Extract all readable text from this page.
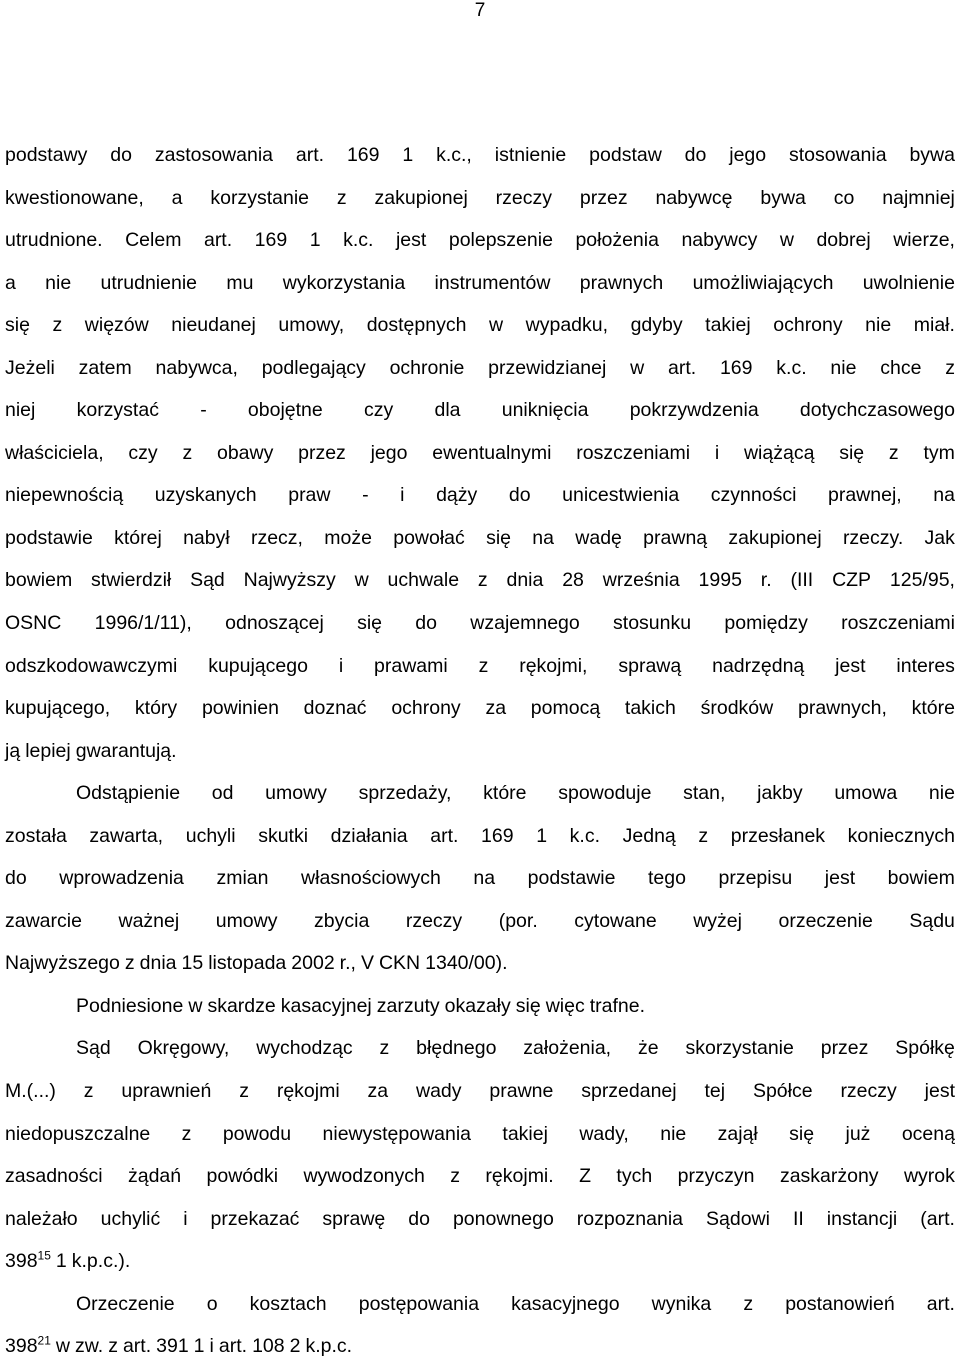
7
podstawy do zastosowania art. 169 1 k.c., istnienie podstaw do jego stosowania bywa
kwestionowane, a korzystanie z zakupionej rzeczy przez nabywcę bywa co najmniej
utrudnione. Celem art. 169 1 k.c. jest polepszenie położenia nabywcy w dobrej wierze,
a nie utrudnienie mu wykorzystania instrumentów prawnych umożliwiających uwolnienie
się z więzów nieudanej umowy, dostępnych w wypadku, gdyby takiej ochrony nie miał.
Jeżeli zatem nabywca, podlegający ochronie przewidzianej w art. 169 k.c. nie chce z
niej korzystać - obojętne czy dla uniknięcia pokrzywdzenia dotychczasowego
właściciela, czy z obawy przez jego ewentualnymi roszczeniami i wiążącą się z tym
niepewnością uzyskanych praw - i dąży do unicestwienia czynności prawnej, na
podstawie której nabył rzecz, może powołać się na wadę prawną zakupionej rzeczy. Jak
bowiem stwierdził Sąd Najwyższy w uchwale z dnia 28 września 1995 r. (III CZP 125/95,
OSNC 1996/1/11), odnoszącej się do wzajemnego stosunku pomiędzy roszczeniami
odszkodowawczymi kupującego i prawami z rękojmi, sprawą nadrzędną jest interes
kupującego, który powinien doznać ochrony za pomocą takich środków prawnych, które
ją lepiej gwarantują.
Odstąpienie od umowy sprzedaży, które spowoduje stan, jakby umowa nie
została zawarta, uchyli skutki działania art. 169 1 k.c. Jedną z przesłanek koniecznych
do wprowadzenia zmian własnościowych na podstawie tego przepisu jest bowiem
zawarcie ważnej umowy zbycia rzeczy (por. cytowane wyżej orzeczenie Sądu
Najwyższego z dnia 15 listopada 2002 r., V CKN 1340/00).
Podniesione w skardze kasacyjnej zarzuty okazały się więc trafne.
Sąd Okręgowy, wychodząc z błędnego założenia, że skorzystanie przez Spółkę
M.(...) z uprawnień z rękojmi za wady prawne sprzedanej tej Spółce rzeczy jest
niedopuszczalne z powodu niewystępowania takiej wady, nie zajął się już oceną
zasadności żądań powódki wywodzonych z rękojmi. Z tych przyczyn zaskarżony wyrok
należało uchylić i przekazać sprawę do ponownego rozpoznania Sądowi II instancji (art.
$398^{15}$ 1 k.p.c.).
Orzeczenie o kosztach postępowania kasacyjnego wynika z postanowień art.
$398^{21}$ w zw. z art. 391 1 i art. 108 2 k.p.c.
